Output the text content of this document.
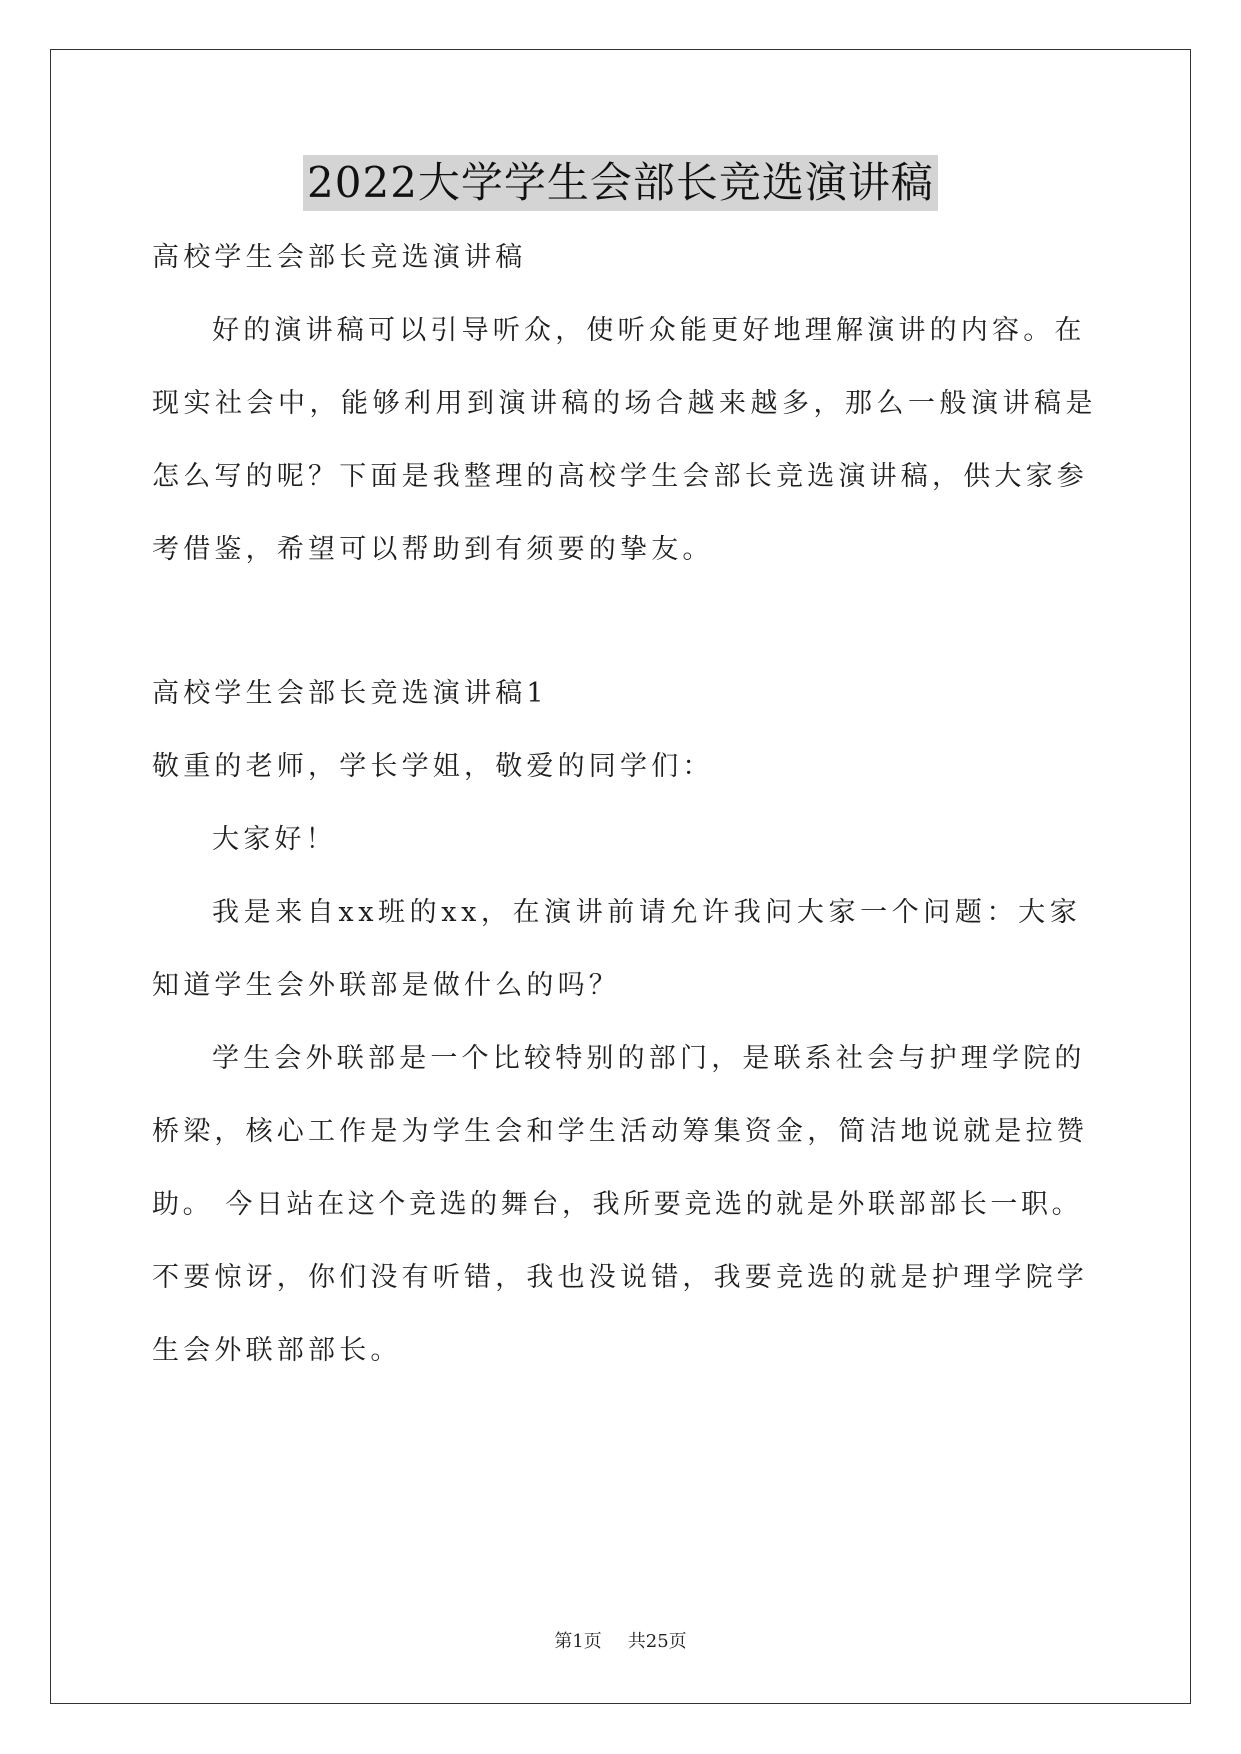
2022大学学生会部长竞选演讲稿
高校学生会部长竞选演讲稿
好的演讲稿可以引导听众，使听众能更好地理解演讲的内容。在
现实社会中，能够利用到演讲稿的场合越来越多，那么一般演讲稿是
怎么写的呢？下面是我整理的高校学生会部长竞选演讲稿，供大家参
考借鉴，希望可以帮助到有须要的挚友。
高校学生会部长竞选演讲稿1
敬重的老师，学长学姐，敬爱的同学们：
大家好！
我是来自xx班的xx，在演讲前请允许我问大家一个问题：大家
知道学生会外联部是做什么的吗？
学生会外联部是一个比较特别的部门，是联系社会与护理学院的
桥梁，核心工作是为学生会和学生活动筹集资金，简洁地说就是拉赞
助。 今日站在这个竞选的舞台，我所要竞选的就是外联部部长一职。
不要惊讶，你们没有听错，我也没说错，我要竞选的就是护理学院学
生会外联部部长。
第1页 共25页
